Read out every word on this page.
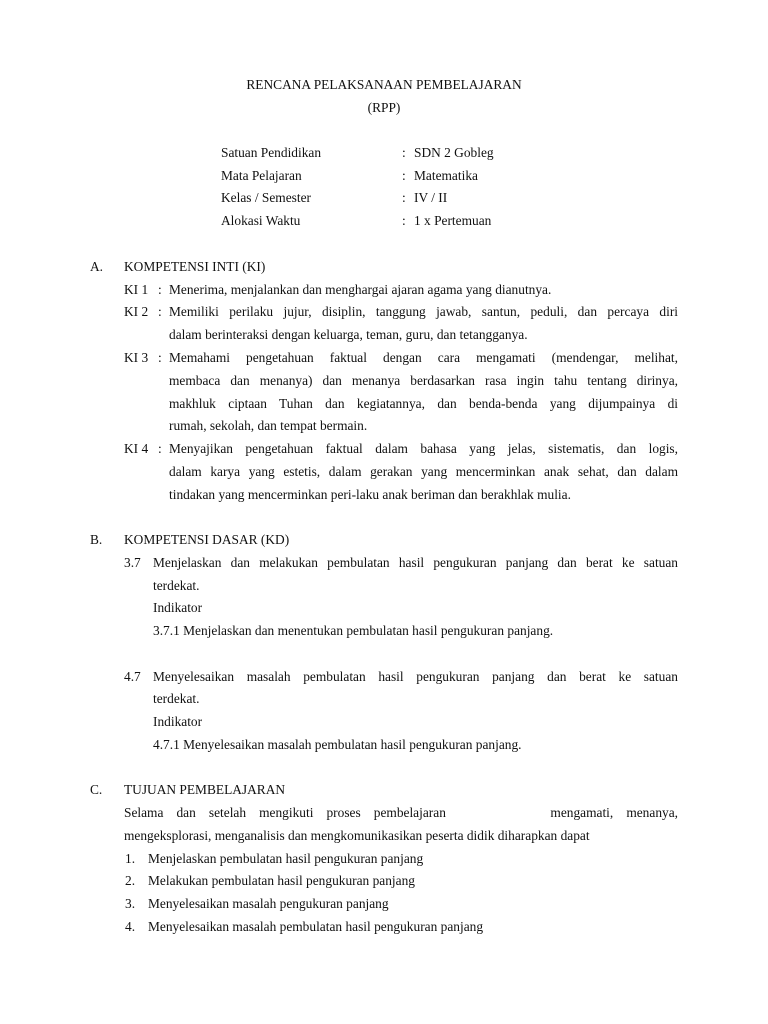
RENCANA PELAKSANAAN PEMBELAJARAN
(RPP)
Satuan Pendidikan	: SDN 2 Gobleg
Mata Pelajaran	: Matematika
Kelas / Semester	: IV / II
Alokasi Waktu	: 1 x Pertemuan
A. KOMPETENSI INTI (KI)
KI 1 : Menerima, menjalankan dan menghargai ajaran agama yang dianutnya.
KI 2 : Memiliki perilaku jujur, disiplin, tanggung jawab, santun, peduli, dan percaya diri
dalam berinteraksi dengan keluarga, teman, guru, dan tetangganya.
KI 3 : Memahami pengetahuan faktual dengan cara mengamati (mendengar, melihat,
membaca dan menanya) dan menanya berdasarkan rasa ingin tahu tentang dirinya,
makhluk ciptaan Tuhan dan kegiatannya, dan benda-benda yang dijumpainya di
rumah, sekolah, dan tempat bermain.
KI 4 : Menyajikan pengetahuan faktual dalam bahasa yang jelas, sistematis, dan logis,
dalam karya yang estetis, dalam gerakan yang mencerminkan anak sehat, dan dalam
tindakan yang mencerminkan peri-laku anak beriman dan berakhlak mulia.
B. KOMPETENSI DASAR (KD)
3.7 Menjelaskan dan melakukan pembulatan hasil pengukuran panjang dan berat ke satuan
terdekat.
Indikator
3.7.1 Menjelaskan dan menentukan pembulatan hasil pengukuran panjang.
4.7 Menyelesaikan masalah pembulatan hasil pengukuran panjang dan berat ke satuan
terdekat.
Indikator
4.7.1 Menyelesaikan masalah pembulatan hasil pengukuran panjang.
C. TUJUAN PEMBELAJARAN
Selama dan setelah mengikuti proses pembelajaran        mengamati, menanya,
mengeksplorasi, menganalisis dan mengkomunikasikan peserta didik diharapkan dapat
1. Menjelaskan pembulatan hasil pengukuran panjang
2. Melakukan pembulatan hasil pengukuran panjang
3. Menyelesaikan masalah pengukuran panjang
4. Menyelesaikan masalah pembulatan hasil pengukuran panjang
